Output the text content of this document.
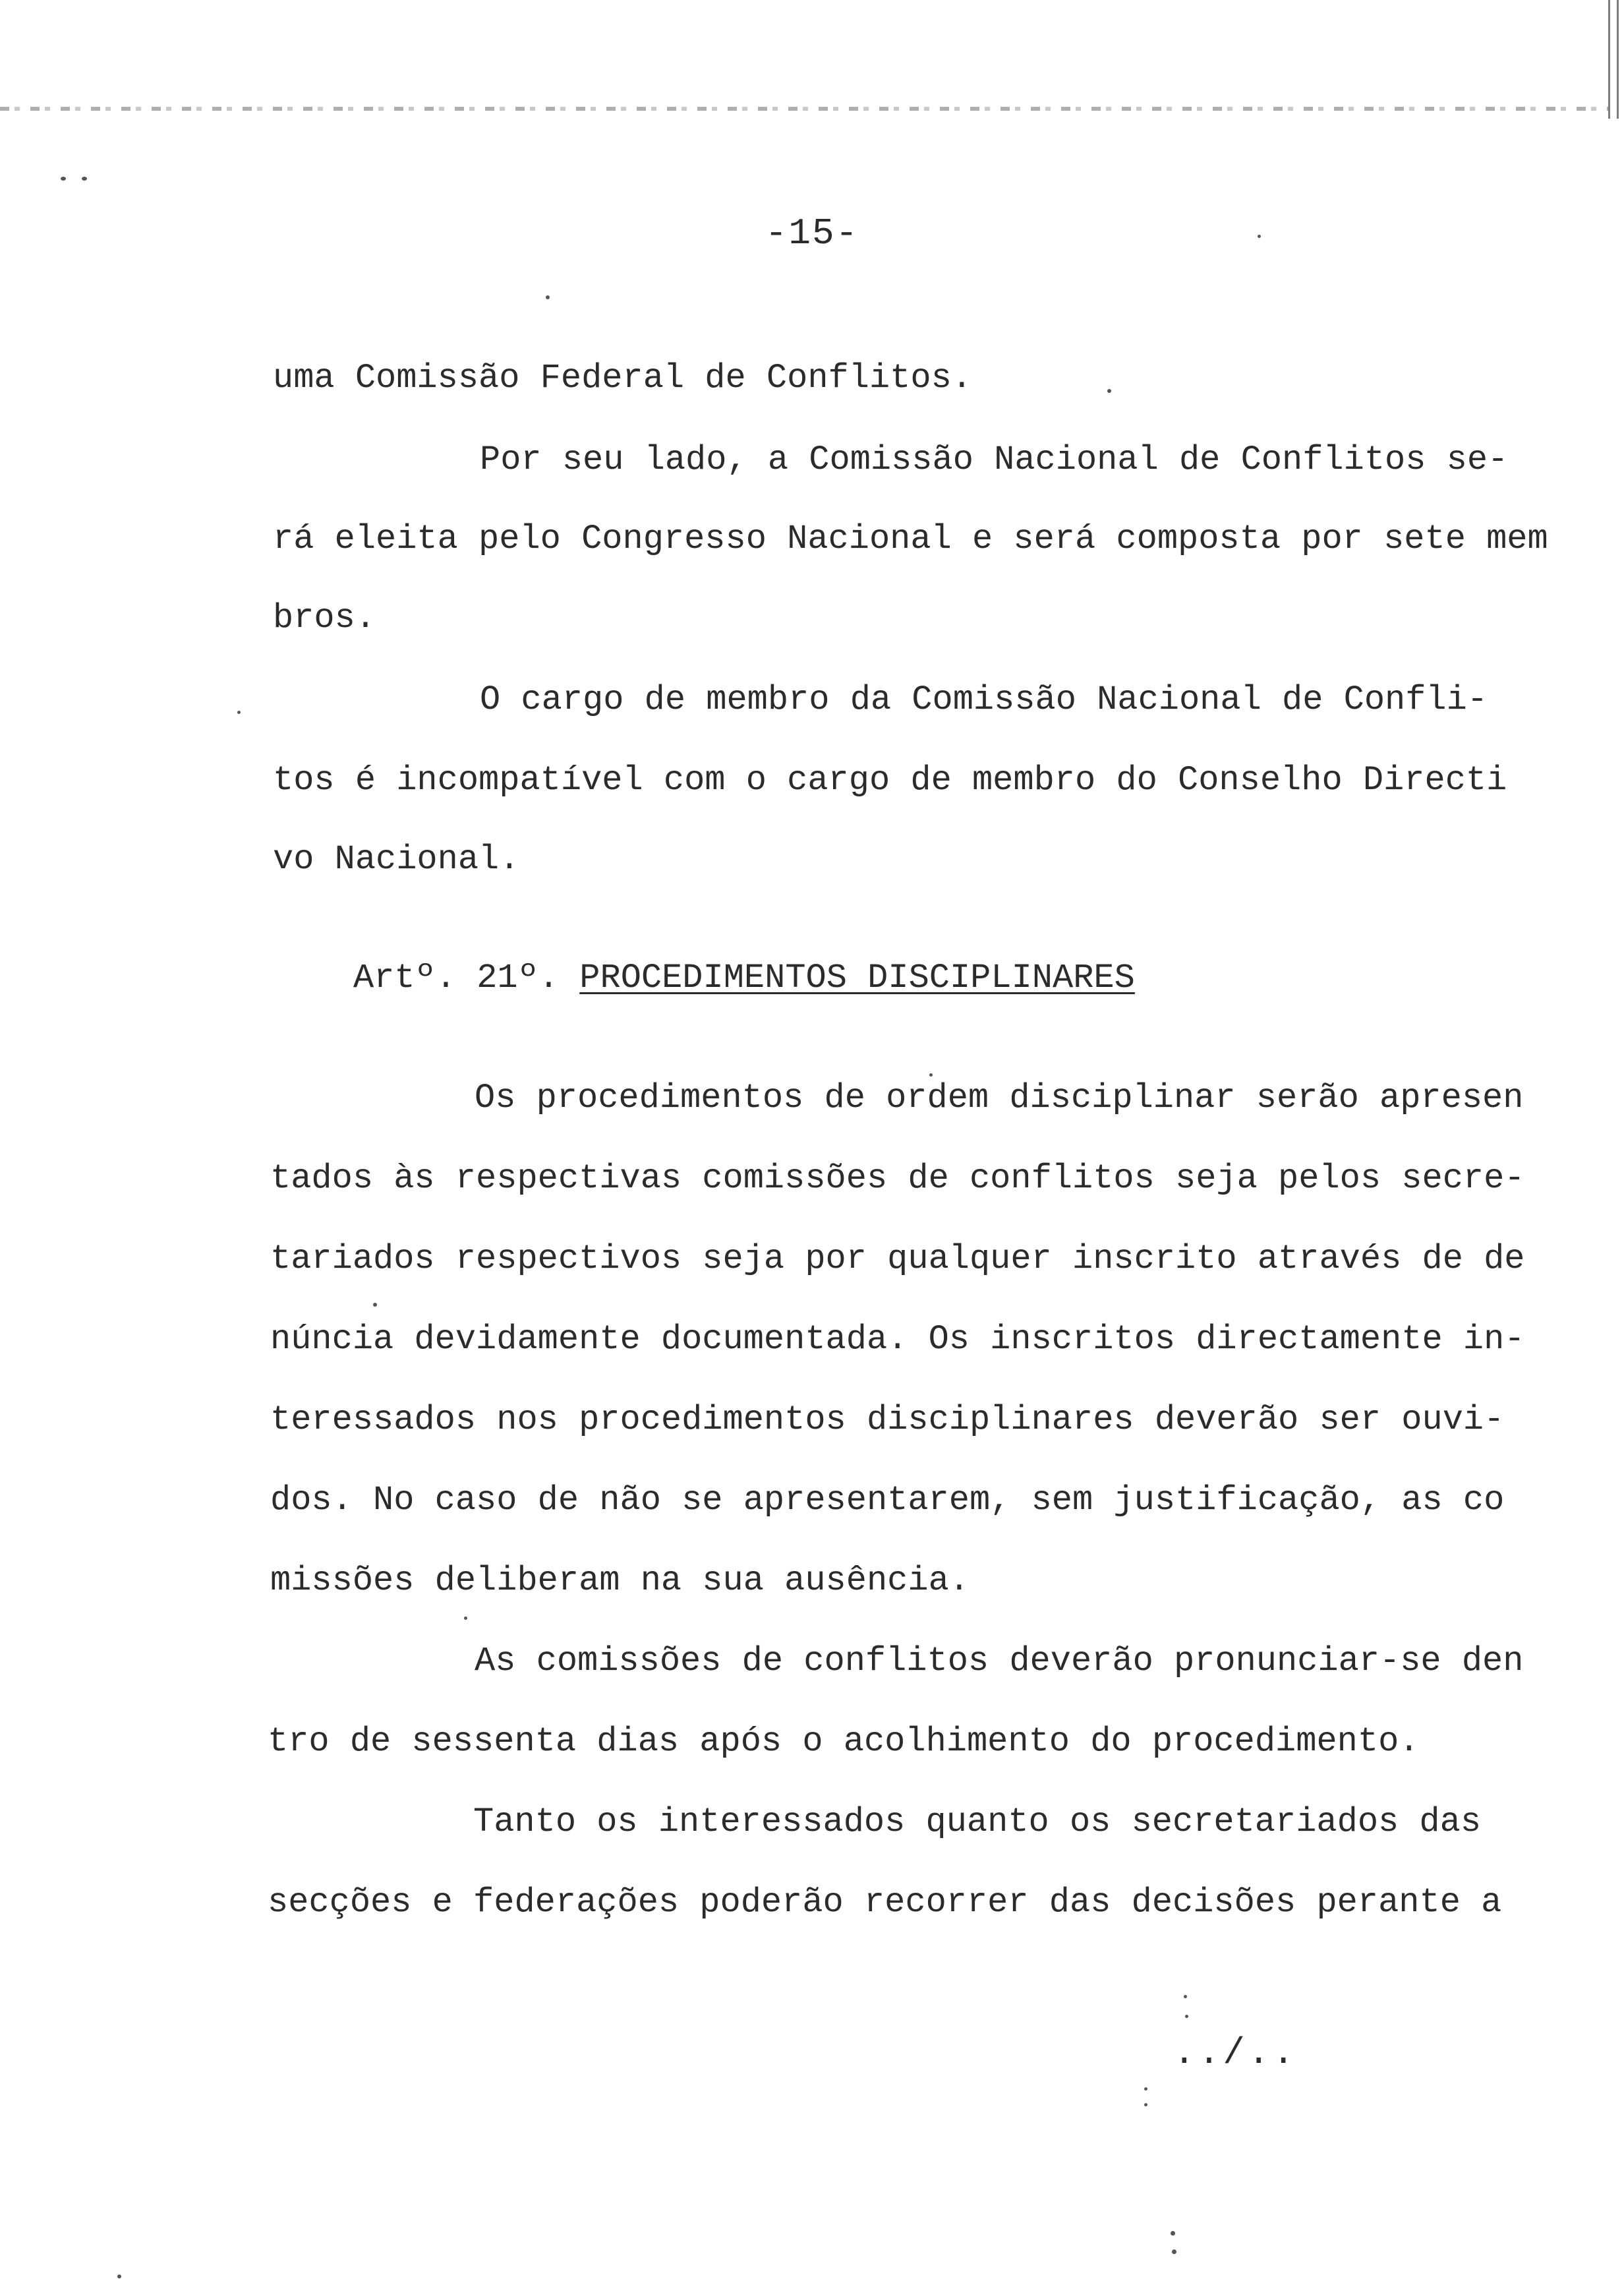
-15-
uma Comissão Federal de Conflitos.
Por seu lado, a Comissão Nacional de Conflitos se-
rá eleita pelo Congresso Nacional e será composta por sete mem
bros.
O cargo de membro da Comissão Nacional de Confli-
tos é incompatível com o cargo de membro do Conselho Directi
vo Nacional.
Artº. 21º. PROCEDIMENTOS DISCIPLINARES
Os procedimentos de ordem disciplinar serão apresen
tados às respectivas comissões de conflitos seja pelos secre-
tariados respectivos seja por qualquer inscrito através de de
núncia devidamente documentada. Os inscritos directamente in-
teressados nos procedimentos disciplinares deverão ser ouvi-
dos. No caso de não se apresentarem, sem justificação, as co
missões deliberam na sua ausência.
As comissões de conflitos deverão pronunciar-se den
tro de sessenta dias após o acolhimento do procedimento.
Tanto os interessados quanto os secretariados das
secções e federações poderão recorrer das decisões perante a
../..
